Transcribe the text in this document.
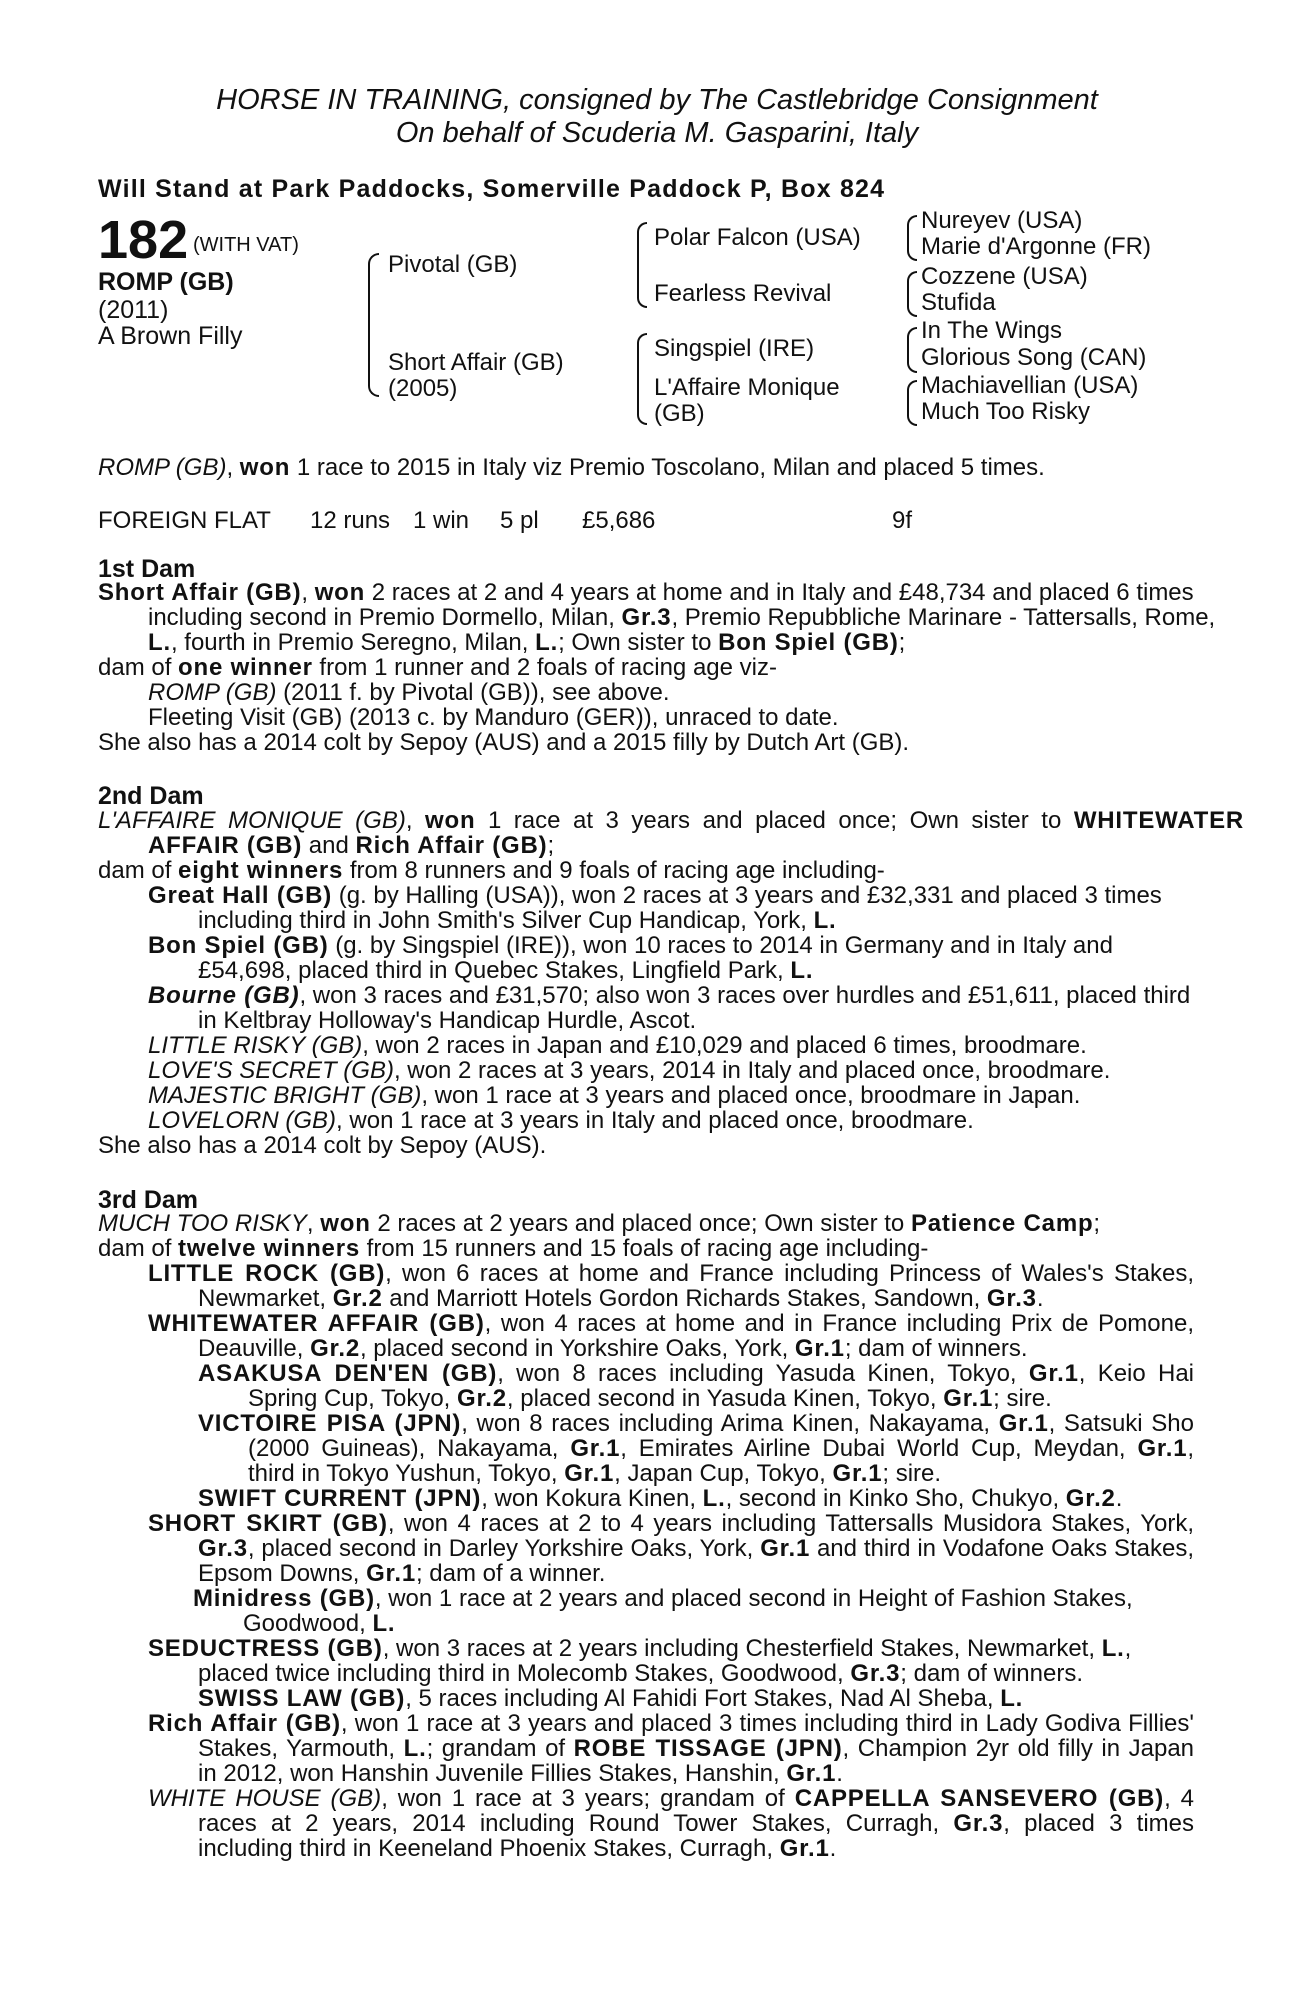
HORSE IN TRAINING, consigned by The Castlebridge Consignment
On behalf of Scuderia M. Gasparini, Italy
Will Stand at Park Paddocks, Somerville Paddock P, Box 824
182 (WITH VAT)
ROMP (GB)
(2011)
A Brown Filly
Pivotal (GB)
Short Affair (GB)
(2005)
Polar Falcon (USA)
Fearless Revival
Singspiel (IRE)
L'Affaire Monique
(GB)
Nureyev (USA)
Marie d'Argonne (FR)
Cozzene (USA)
Stufida
In The Wings
Glorious Song (CAN)
Machiavellian (USA)
Much Too Risky
ROMP (GB), won 1 race to 2015 in Italy viz Premio Toscolano, Milan and placed 5 times.
FOREIGN FLAT 12 runs 1 win 5 pl £5,686	9f
1st Dam
Short Affair (GB), won 2 races at 2 and 4 years at home and in Italy and £48,734 and placed 6 times including second in Premio Dormello, Milan, Gr.3, Premio Repubbliche Marinare - Tattersalls, Rome, L., fourth in Premio Seregno, Milan, L.; Own sister to Bon Spiel (GB);
dam of one winner from 1 runner and 2 foals of racing age viz-
ROMP (GB) (2011 f. by Pivotal (GB)), see above.
Fleeting Visit (GB) (2013 c. by Manduro (GER)), unraced to date.
She also has a 2014 colt by Sepoy (AUS) and a 2015 filly by Dutch Art (GB).
2nd Dam
L'AFFAIRE MONIQUE (GB), won 1 race at 3 years and placed once; Own sister to WHITEWATER AFFAIR (GB) and Rich Affair (GB);
dam of eight winners from 8 runners and 9 foals of racing age including-
Great Hall (GB) (g. by Halling (USA)), won 2 races at 3 years and £32,331 and placed 3 times including third in John Smith's Silver Cup Handicap, York, L.
Bon Spiel (GB) (g. by Singspiel (IRE)), won 10 races to 2014 in Germany and in Italy and £54,698, placed third in Quebec Stakes, Lingfield Park, L.
Bourne (GB), won 3 races and £31,570; also won 3 races over hurdles and £51,611, placed third in Keltbray Holloway's Handicap Hurdle, Ascot.
LITTLE RISKY (GB), won 2 races in Japan and £10,029 and placed 6 times, broodmare.
LOVE'S SECRET (GB), won 2 races at 3 years, 2014 in Italy and placed once, broodmare.
MAJESTIC BRIGHT (GB), won 1 race at 3 years and placed once, broodmare in Japan.
LOVELORN (GB), won 1 race at 3 years in Italy and placed once, broodmare.
She also has a 2014 colt by Sepoy (AUS).
3rd Dam
MUCH TOO RISKY, won 2 races at 2 years and placed once; Own sister to Patience Camp;
dam of twelve winners from 15 runners and 15 foals of racing age including-
LITTLE ROCK (GB), won 6 races at home and France including Princess of Wales's Stakes, Newmarket, Gr.2 and Marriott Hotels Gordon Richards Stakes, Sandown, Gr.3.
WHITEWATER AFFAIR (GB), won 4 races at home and in France including Prix de Pomone, Deauville, Gr.2, placed second in Yorkshire Oaks, York, Gr.1; dam of winners.
ASAKUSA DEN'EN (GB), won 8 races including Yasuda Kinen, Tokyo, Gr.1, Keio Hai Spring Cup, Tokyo, Gr.2, placed second in Yasuda Kinen, Tokyo, Gr.1; sire.
VICTOIRE PISA (JPN), won 8 races including Arima Kinen, Nakayama, Gr.1, Satsuki Sho (2000 Guineas), Nakayama, Gr.1, Emirates Airline Dubai World Cup, Meydan, Gr.1, third in Tokyo Yushun, Tokyo, Gr.1, Japan Cup, Tokyo, Gr.1; sire.
SWIFT CURRENT (JPN), won Kokura Kinen, L., second in Kinko Sho, Chukyo, Gr.2.
SHORT SKIRT (GB), won 4 races at 2 to 4 years including Tattersalls Musidora Stakes, York, Gr.3, placed second in Darley Yorkshire Oaks, York, Gr.1 and third in Vodafone Oaks Stakes, Epsom Downs, Gr.1; dam of a winner.
Minidress (GB), won 1 race at 2 years and placed second in Height of Fashion Stakes, Goodwood, L.
SEDUCTRESS (GB), won 3 races at 2 years including Chesterfield Stakes, Newmarket, L., placed twice including third in Molecomb Stakes, Goodwood, Gr.3; dam of winners.
SWISS LAW (GB), 5 races including Al Fahidi Fort Stakes, Nad Al Sheba, L.
Rich Affair (GB), won 1 race at 3 years and placed 3 times including third in Lady Godiva Fillies' Stakes, Yarmouth, L.; grandam of ROBE TISSAGE (JPN), Champion 2yr old filly in Japan in 2012, won Hanshin Juvenile Fillies Stakes, Hanshin, Gr.1.
WHITE HOUSE (GB), won 1 race at 3 years; grandam of CAPPELLA SANSEVERO (GB), 4 races at 2 years, 2014 including Round Tower Stakes, Curragh, Gr.3, placed 3 times including third in Keeneland Phoenix Stakes, Curragh, Gr.1.
